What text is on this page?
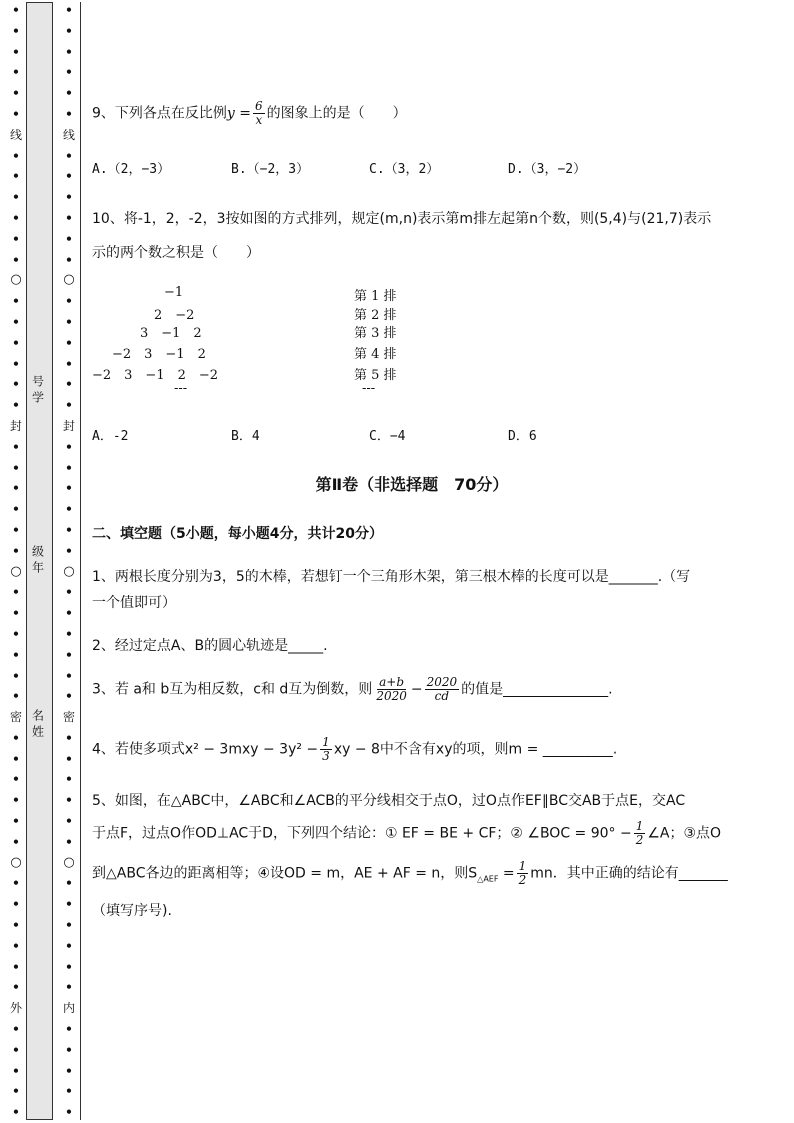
•
•
•
•
•
•
线
•
•
•
•
•
•
○
•
•
•
•
•
•
封
•
•
•
•
•
•
○
•
•
•
•
•
•
密
•
•
•
•
•
•
○
•
•
•
•
•
•
外
•
•
•
•
•
号学
级年
名姓
•
•
•
•
•
•
线
•
•
•
•
•
•
○
•
•
•
•
•
•
封
•
•
•
•
•
•
○
•
•
•
•
•
•
密
•
•
•
•
•
•
○
•
•
•
•
•
•
内
•
•
•
•
•
9、下列各点在反比例$y = \frac{6}{x}$ 的图象上的是（　　）
A.（2，−3）	B.（−2，3）	C.（3，2）	D.（3，−2）
10、将-1，2，-2，3按如图的方式排列，规定(m,n)表示第m排左起第n个数，则(5,4)与(21,7)表示
示的两个数之积是（　　）
−1
2　−2
3　−1　2
−2　3　−1　2
−2　3　−1　2　−2
---
第 1 排
第 2 排
第 3 排
第 4 排
第 5 排
---
A．-2	B．4	C．−4	D．6
第Ⅱ卷（非选择题　70分）
二、填空题（5小题，每小题4分，共计20分）
1、两根长度分别为3，5的木棒，若想钉一个三角形木架，第三根木棒的长度可以是_______.（写
一个值即可）
2、经过定点A、B的圆心轨迹是_____.
3、若 a和 b互为相反数，c和 d互为倒数，则 $\frac{a+b}{2020} - \frac{2020}{cd}$ 的值是_______________.
4、若使多项式$x^2 - 3mxy - 3y^2 - \frac{1}{3}$ xy − 8中不含有xy的项，则m = __________.
5、如图，在△ABC中，∠ABC和∠ACB的平分线相交于点O，过O点作EF∥BC交AB于点E，交AC
于点F，过点O作OD⊥AC于D，下列四个结论：① EF = BE + CF；② ∠BOC = $90^\circ - \frac{1}{2}$ ∠A；③点O
到△ABC各边的距离相等；④设OD = m，AE + AF = n，则$S_{\triangle AEF} = \frac{1}{2}$ mn．其中正确的结论有_______
（填写序号).
